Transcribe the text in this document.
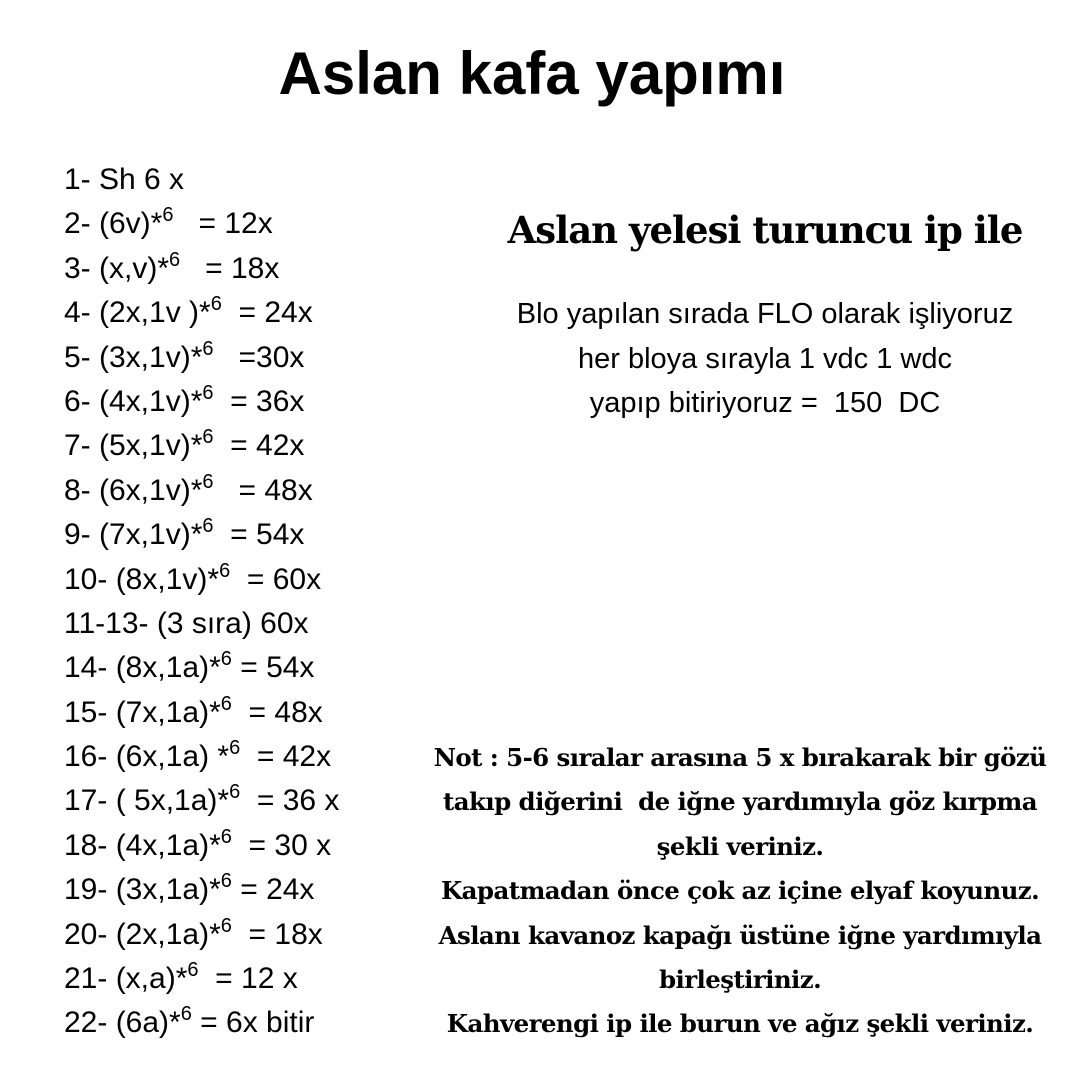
Aslan kafa yapımı
1- Sh 6 x
2- (6v)*$^6$   = 12x
3- (x,v)*$^6$   = 18x
4- (2x,1v )*$^6$  = 24x
5- (3x,1v)*$^6$   =30x
6- (4x,1v)*$^6$  = 36x
7- (5x,1v)*$^6$  = 42x
8- (6x,1v)*$^6$   = 48x
9- (7x,1v)*$^6$  = 54x
10- (8x,1v)*$^6$  = 60x
11-13- (3 sıra) 60x
14- (8x,1a)*$^6$ = 54x
15- (7x,1a)*$^6$  = 48x
16- (6x,1a) *$^6$  = 42x
17- ( 5x,1a)*$^6$  = 36 x
18- (4x,1a)*$^6$  = 30 x
19- (3x,1a)*$^6$ = 24x
20- (2x,1a)*$^6$  = 18x
21- (x,a)*$^6$  = 12 x
22- (6a)*$^6$ = 6x bitir
Aslan yelesi turuncu ip ile
Blo yapılan sırada FLO olarak işliyoruz
her bloya sırayla 1 vdc 1 wdc
yapıp bitiriyoruz =  150  DC
Not : 5-6 sıralar arasına 5 x bırakarak bir gözü
takıp diğerini  de iğne yardımıyla göz kırpma
şekli veriniz.
Kapatmadan önce çok az içine elyaf koyunuz.
Aslanı kavanoz kapağı üstüne iğne yardımıyla
birleştiriniz.
Kahverengi ip ile burun ve ağız şekli veriniz.
